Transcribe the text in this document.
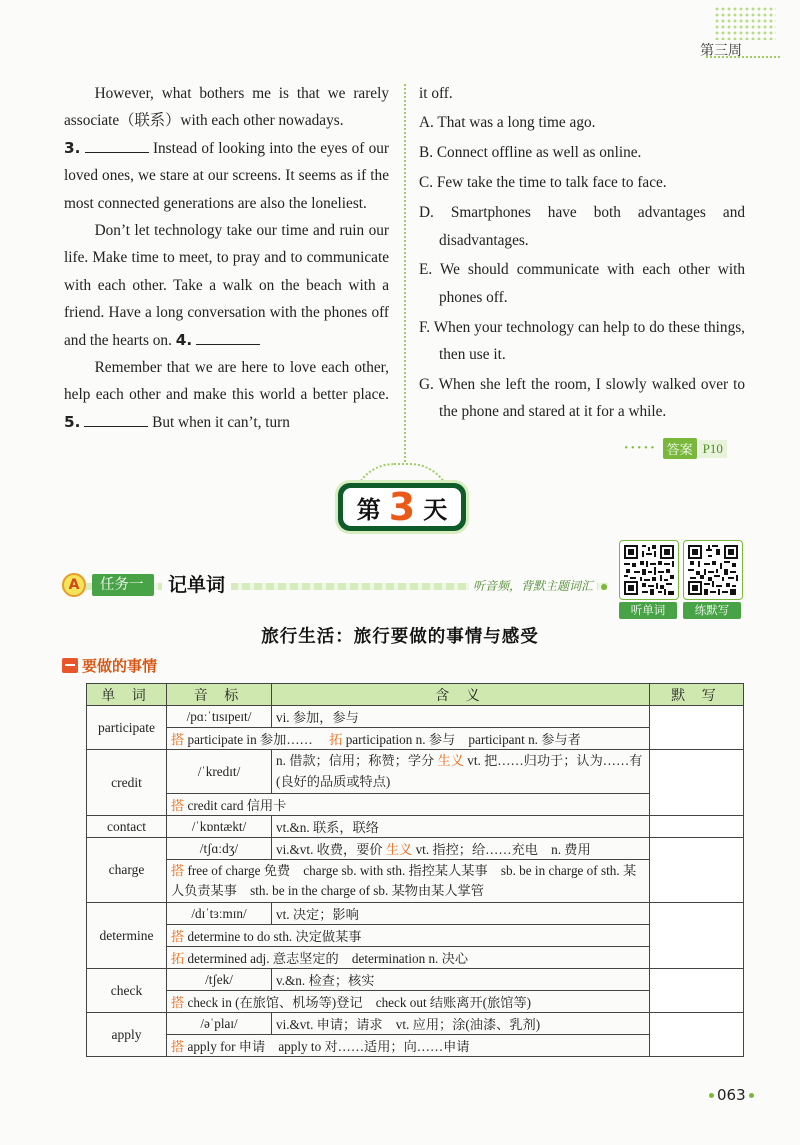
第三周

However, what bothers me is that we rarely associate（联系）with each other nowadays.

3.	Instead of looking into the eyes of our loved ones, we stare at our screens. It seems as if the most connected generations are also the loneliest.

Don’t let technology take our time and ruin our life. Make time to meet, to pray and to communicate with each other. Take a walk on the beach with a friend. Have a long conversation with the phones off and the hearts on. 4.

Remember that we are here to love each other, help each other and make this world a better place. 5.	But when it can’t, turn

it off.

A. That was a long time ago.

B. Connect offline as well as online.

C. Few take the time to talk face to face.

D. Smartphones have both advantages and disadvantages.

E. We should communicate with each other with phones off.

F. When your technology can help to do these things, then use it.

G. When she left the room, I slowly walked over to the phone and stared at it for a while.

····· 答案 P10
第 3 天
A	任务一	记单词	听音频，背默主题词汇
听单词	练默写
旅行生活：旅行要做的事情与感受
要做的事情
单 词	音 标	含 义	默 写
participate	/pɑːˈtɪsɪpeɪt/	vi. 参加，参与	
	搭 participate in 参加……　 拓 participation n. 参与　participant n. 参与者		
credit	/ˈkredɪt/	n. 借款；信用；称赞；学分 生义 vt. 把……归功于；认为……有(良好的品质或特点)	
	搭 credit card 信用卡		
contact	/ˈkɒntækt/	vt.&n. 联系，联络	
charge	/tʃɑːdʒ/	vi.&vt. 收费，要价 生义 vt. 指控；给……充电　n. 费用	
	搭 free of charge 免费　charge sb. with sth. 指控某人某事　sb. be in charge of sth. 某人负责某事　sth. be in the charge of sb. 某物由某人掌管		
determine	/dɪˈtɜːmɪn/	vt. 决定；影响	
	搭 determine to do sth. 决定做某事		
	拓 determined adj. 意志坚定的　determination n. 决心		
check	/tʃek/	v.&n. 检查；核实	
	搭 check in (在旅馆、机场等)登记　check out 结账离开(旅馆等)		
apply	/əˈplaɪ/	vi.&vt. 申请；请求　vt. 应用；涂(油漆、乳剂)	
	搭 apply for 申请　apply to 对……适用；向……申请		
063
